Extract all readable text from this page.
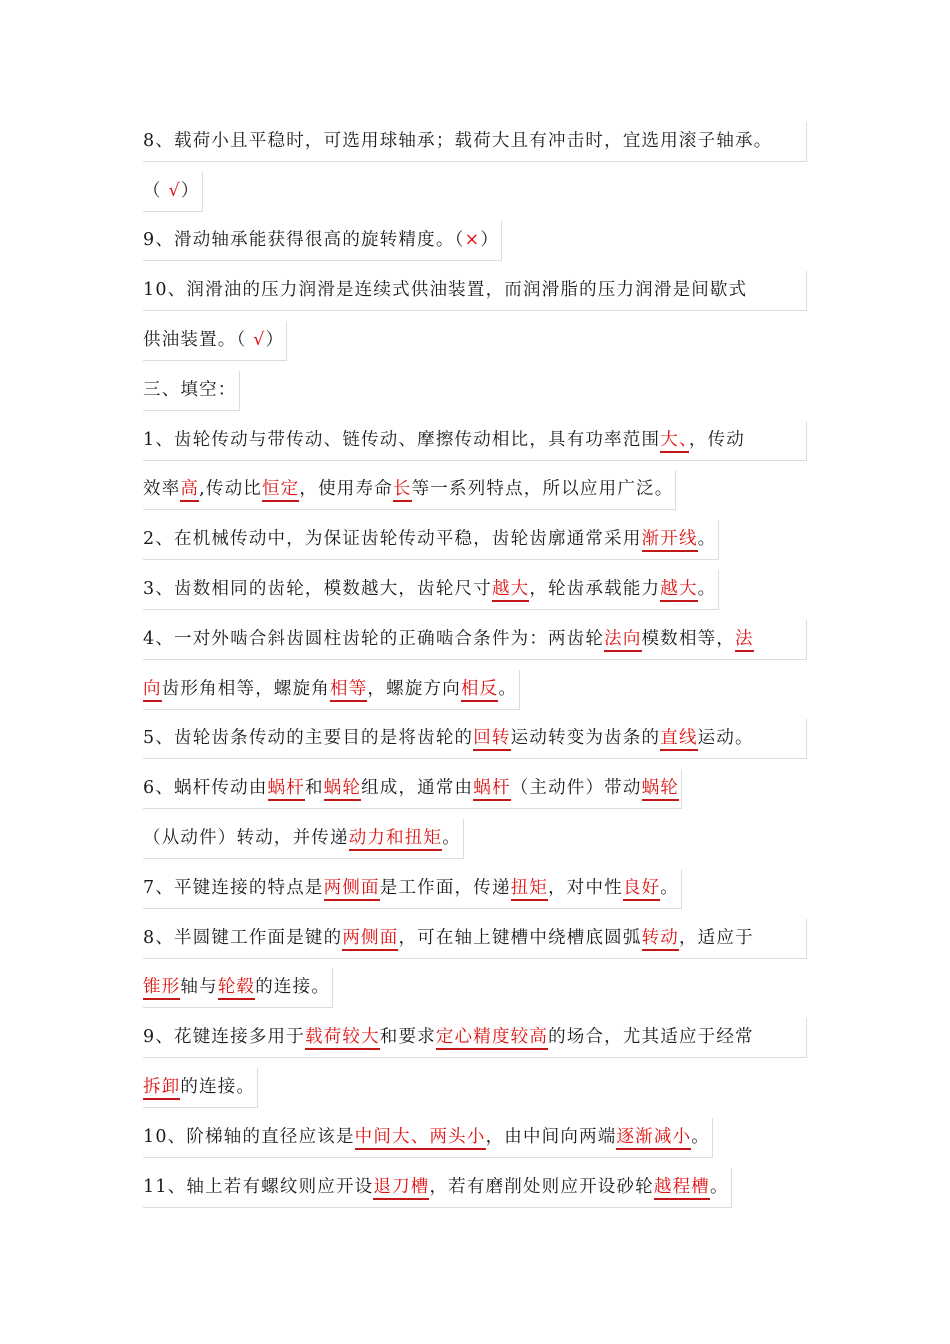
8、载荷小且平稳时，可选用球轴承；载荷大且有冲击时，宜选用滚子轴承。
（ √）
9、滑动轴承能获得很高的旋转精度。（×）
10、润滑油的压力润滑是连续式供油装置，而润滑脂的压力润滑是间歇式
供油装置。（ √）
三、填空：
1、齿轮传动与带传动、链传动、摩擦传动相比，具有功率范围大、，传动
效率高,传动比恒定，使用寿命长等一系列特点，所以应用广泛。
2、在机械传动中，为保证齿轮传动平稳，齿轮齿廓通常采用渐开线。
3、齿数相同的齿轮，模数越大，齿轮尺寸越大，轮齿承载能力越大。
4、一对外啮合斜齿圆柱齿轮的正确啮合条件为：两齿轮法向模数相等，法
向齿形角相等，螺旋角相等，螺旋方向相反。
5、齿轮齿条传动的主要目的是将齿轮的回转运动转变为齿条的直线运动。
6、蜗杆传动由蜗杆和蜗轮组成，通常由蜗杆（主动件）带动蜗轮
（从动件）转动，并传递动力和扭矩。
7、平键连接的特点是两侧面是工作面，传递扭矩，对中性良好。
8、半圆键工作面是键的两侧面，可在轴上键槽中绕槽底圆弧转动，适应于
锥形轴与轮毂的连接。
9、花键连接多用于载荷较大和要求定心精度较高的场合，尤其适应于经常
拆卸的连接。
10、阶梯轴的直径应该是中间大、两头小，由中间向两端逐渐减小。
11、轴上若有螺纹则应开设退刀槽，若有磨削处则应开设砂轮越程槽。
